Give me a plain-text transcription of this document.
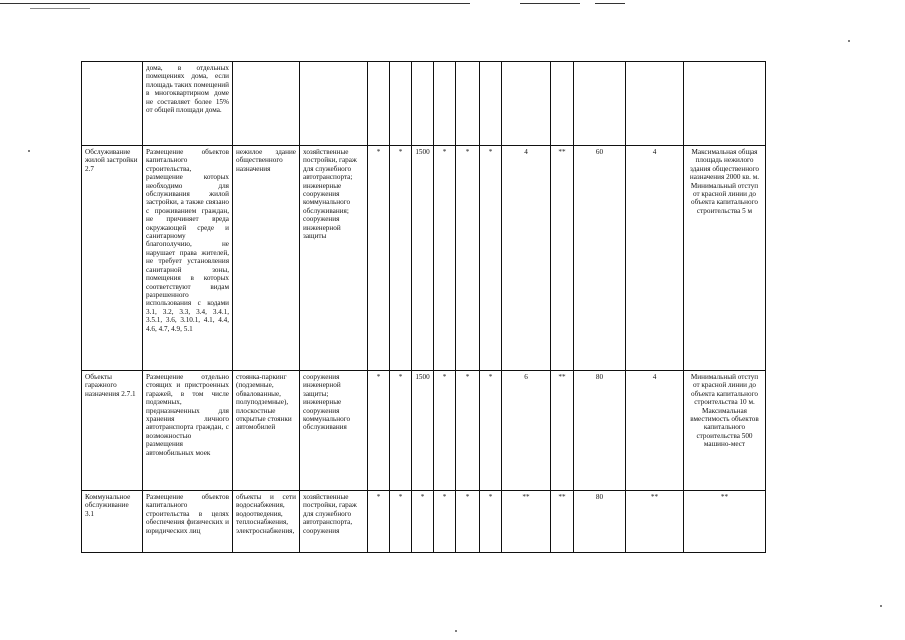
	дома, в отдельных помещениях дома, если площадь таких помещений в многоквартирном доме не составляет более 15% от общей площади дома.													
Обслуживание жилой застройки 2.7	Размещение объектов капитального строительства, размещение которых необходимо для обслуживания жилой застройки, а также связано с проживанием граждан, не причиняет вреда окружающей среде и санитарному благополучию, не нарушает права жителей, не требует установления санитарной зоны, помещения в которых соответствуют видам разрешенного использования с кодами 3.1, 3.2, 3.3, 3.4, 3.4.1, 3.5.1, 3.6, 3.10.1, 4.1, 4.4, 4.6, 4.7, 4.9, 5.1	нежилое здание общественного назначения	хозяйственные постройки, гараж для служебного автотранспорта; инженерные сооружения коммунального обслуживания; сооружения инженерной защиты	*	*	1500	*	*	*	4	**	60	4	Максимальная общая площадь нежилого здания общественного назначения 2000 кв. м. Минимальный отступ от красной линии до объекта капитального строительства 5 м
Объекты гаражного назначения 2.7.1	Размещение отдельно стоящих и пристроенных гаражей, в том числе подземных, предназначенных для хранения личного автотранспорта граждан, с возможностью размещения автомобильных моек	стоянка-паркинг (подземные, обвалованные, полуподземные), плоскостные открытые стоянки автомобилей	сооружения инженерной защиты; инженерные сооружения коммунального обслуживания	*	*	1500	*	*	*	6	**	80	4	Минимальный отступ от красной линии до объекта капитального строительства 10 м. Максимальная вместимость объектов капитального строительства 500 машино-мест
Коммунальное обслуживание 3.1	Размещение объектов капитального строительства в целях обеспечения физических и юридических лиц	объекты и сети водоснабжения, водоотведения, теплоснабжения, электроснабжения,	хозяйственные постройки, гараж для служебного автотранспорта, сооружения	*	*	*	*	*	*	**	**	80	**	**
